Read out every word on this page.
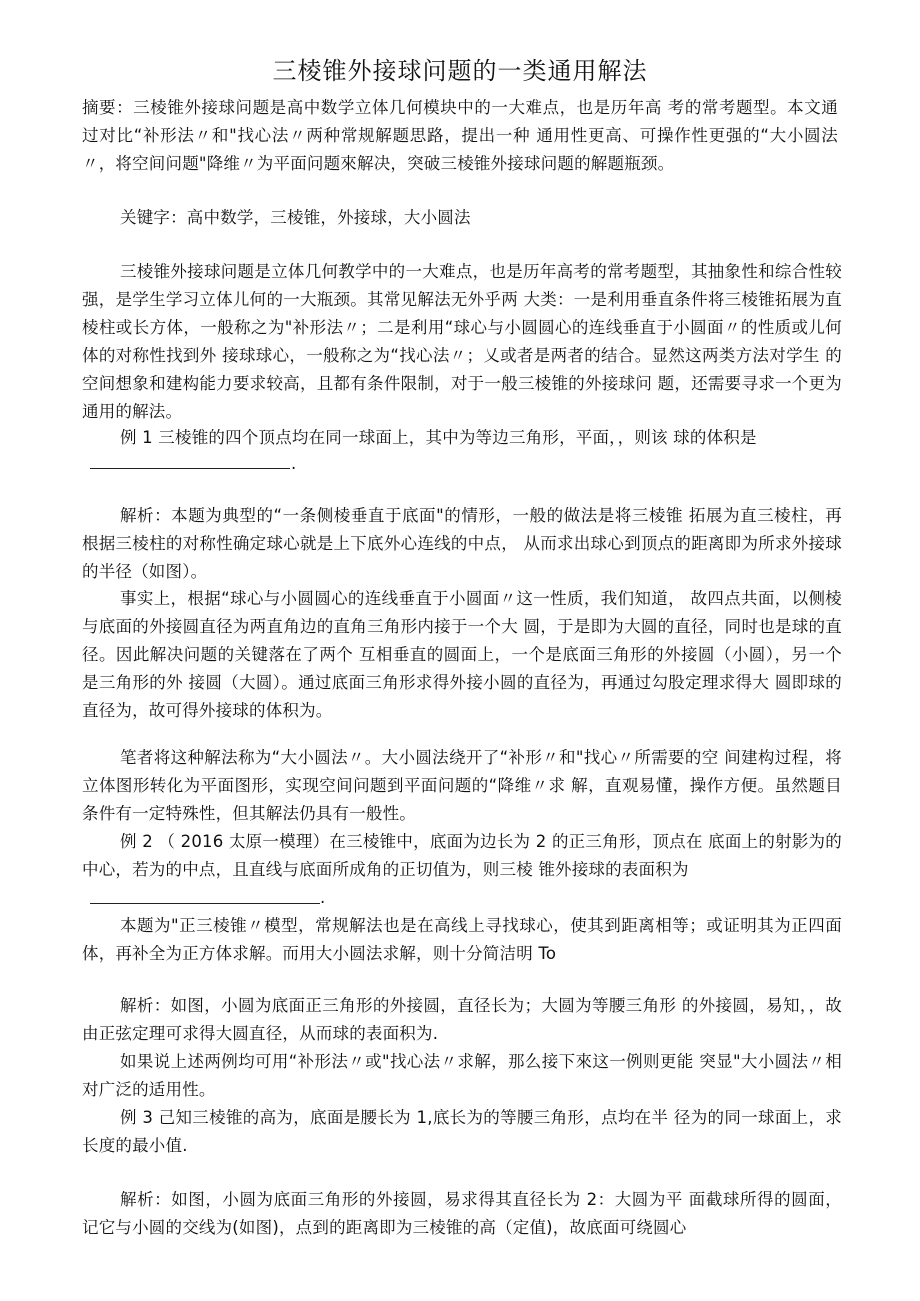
三棱锥外接球问题的一类通用解法

摘要：三棱锥外接球问题是高中数学立体几何模块中的一大难点，也是历年高 考的常考题型。本文通过对比“补形法〃和"找心法〃两种常规解题思路，提出一种 通用性更高、可操作性更强的“大小圆法〃，将空间问题"降维〃为平面问题來解决，突破三棱锥外接球问题的解题瓶颈。

关键字：高中数学，三棱锥，外接球，大小圆法

三棱锥外接球问题是立体几何教学中的一大难点，也是历年高考的常考题型，其抽象性和综合性较强，是学生学习立体儿何的一大瓶颈。其常见解法无外乎两 大类：一是利用垂直条件将三棱锥拓展为直棱柱或长方体，一般称之为"补形法〃；二是利用“球心与小圆圆心的连线垂直于小圆面〃的性质或儿何体的对称性找到外 接球球心，一般称之为“找心法〃；乂或者是两者的结合。显然这两类方法对学生 的空间想象和建构能力要求较高，且都有条件限制，对于一般三棱锥的外接球问 题，还需要寻求一个更为通用的解法。

例 1 三棱锥的四个顶点均在同一球面上，其中为等边三角形，平面，，则该 球的体积是

.

解析：本题为典型的“一条侧棱垂直于底面"的情形，一般的做法是将三棱锥 拓展为直三棱柱，再根据三棱柱的对称性确定球心就是上下底外心连线的中点， 从而求出球心到顶点的距离即为所求外接球的半径（如图）。

事实上，根据“球心与小圆圆心的连线垂直于小圆面〃这一性质，我们知道， 故四点共面，以侧棱与底面的外接圆直径为两直角边的直角三角形内接于一个大 圆，于是即为大圆的直径，同时也是球的直径。因此解决问题的关键落在了两个 互相垂直的圆面上，一个是底面三角形的外接圆（小圆），另一个是三角形的外 接圆（大圆）。通过底面三角形求得外接小圆的直径为，再通过勾股定理求得大 圆即球的直径为，故可得外接球的体积为。

笔者将这种解法称为“大小圆法〃。大小圆法绕开了“补形〃和"找心〃所需要的空 间建构过程，将立体图形转化为平面图形，实现空间问题到平面问题的“降维〃求 解，直观易懂，操作方便。虽然题目条件有一定特殊性，但其解法仍具有一般性。

例 2 （ 2016 太原一模理）在三棱锥中，底面为边长为 2 的正三角形，顶点在 底面上的射影为的中心，若为的中点，且直线与底面所成角的正切值为，则三棱 锥外接球的表面积为

.

本题为"正三棱锥〃模型，常规解法也是在高线上寻找球心，使其到距离相等；或证明其为正四面体，再补全为正方体求解。而用大小圆法求解，则十分简洁明 To

解析：如图，小圆为底面正三角形的外接圆，直径长为；大圆为等腰三角形 的外接圆，易知，，故由正弦定理可求得大圆直径，从而球的表面积为.

如果说上述两例均可用“补形法〃或"找心法〃求解，那么接下來这一例则更能 突显"大小圆法〃相对广泛的适用性。

例 3 己知三棱锥的高为，底面是腰长为 1,底长为的等腰三角形，点均在半 径为的同一球面上，求长度的最小值.

解析：如图，小圆为底面三角形的外接圆，易求得其直径长为 2：大圆为平 面截球所得的圆面，记它与小圆的交线为(如图)，点到的距离即为三棱锥的高（定值)，故底面可绕圆心
